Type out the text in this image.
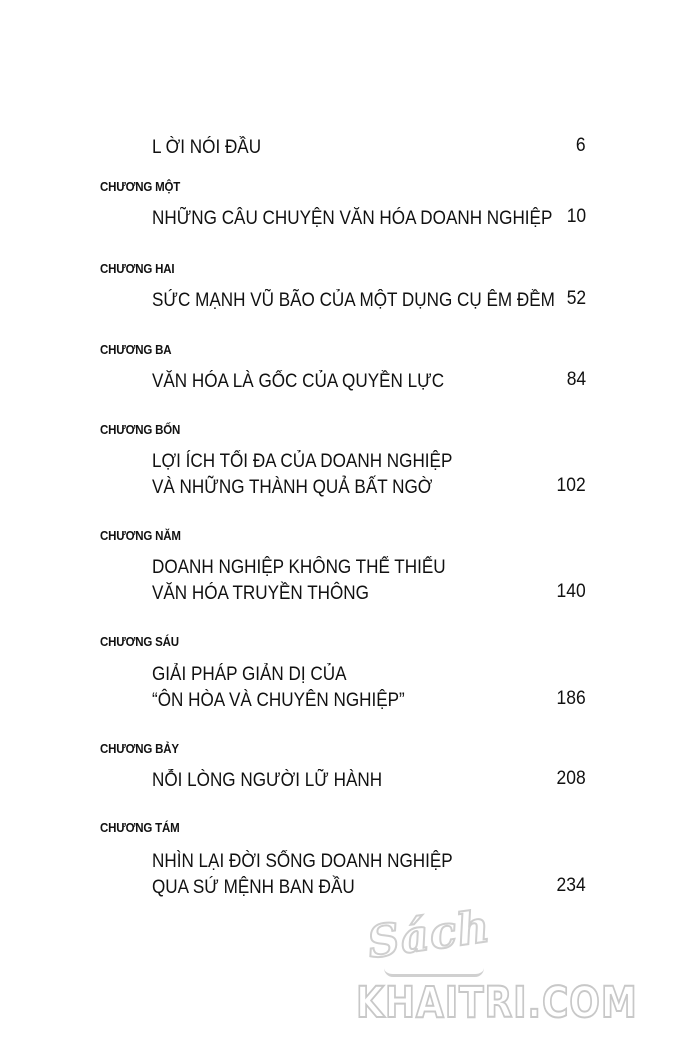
L ỜI NÓI ĐẦU	6
CHƯƠNG MỘT
NHỮNG CÂU CHUYỆN VĂN HÓA DOANH NGHIỆP 10
CHƯƠNG HAI
SỨC MẠNH VŨ BÃO CỦA MỘT DỤNG CỤ ÊM ĐỀM 52
CHƯƠNG BA
VĂN HÓA LÀ GỐC CỦA QUYỀN LỰC	84
CHƯƠNG BỐN
LỢI ÍCH TỐI ĐA CỦA DOANH NGHIỆP
VÀ NHỮNG THÀNH QUẢ BẤT NGỜ	102
CHƯƠNG NĂM
DOANH NGHIỆP KHÔNG THỂ THIẾU
VĂN HÓA TRUYỀN THÔNG	140
CHƯƠNG SÁU
GIẢI PHÁP GIẢN DỊ CỦA
“ÔN HÒA VÀ CHUYÊN NGHIỆP”	186
CHƯƠNG BẢY
NỖI LÒNG NGƯỜI LỮ HÀNH	208
CHƯƠNG TÁM
NHÌN LẠI ĐỜI SỐNG DOANH NGHIỆP
QUA SỨ MỆNH BAN ĐẦU	234
Sách
KHAITRI.COM
